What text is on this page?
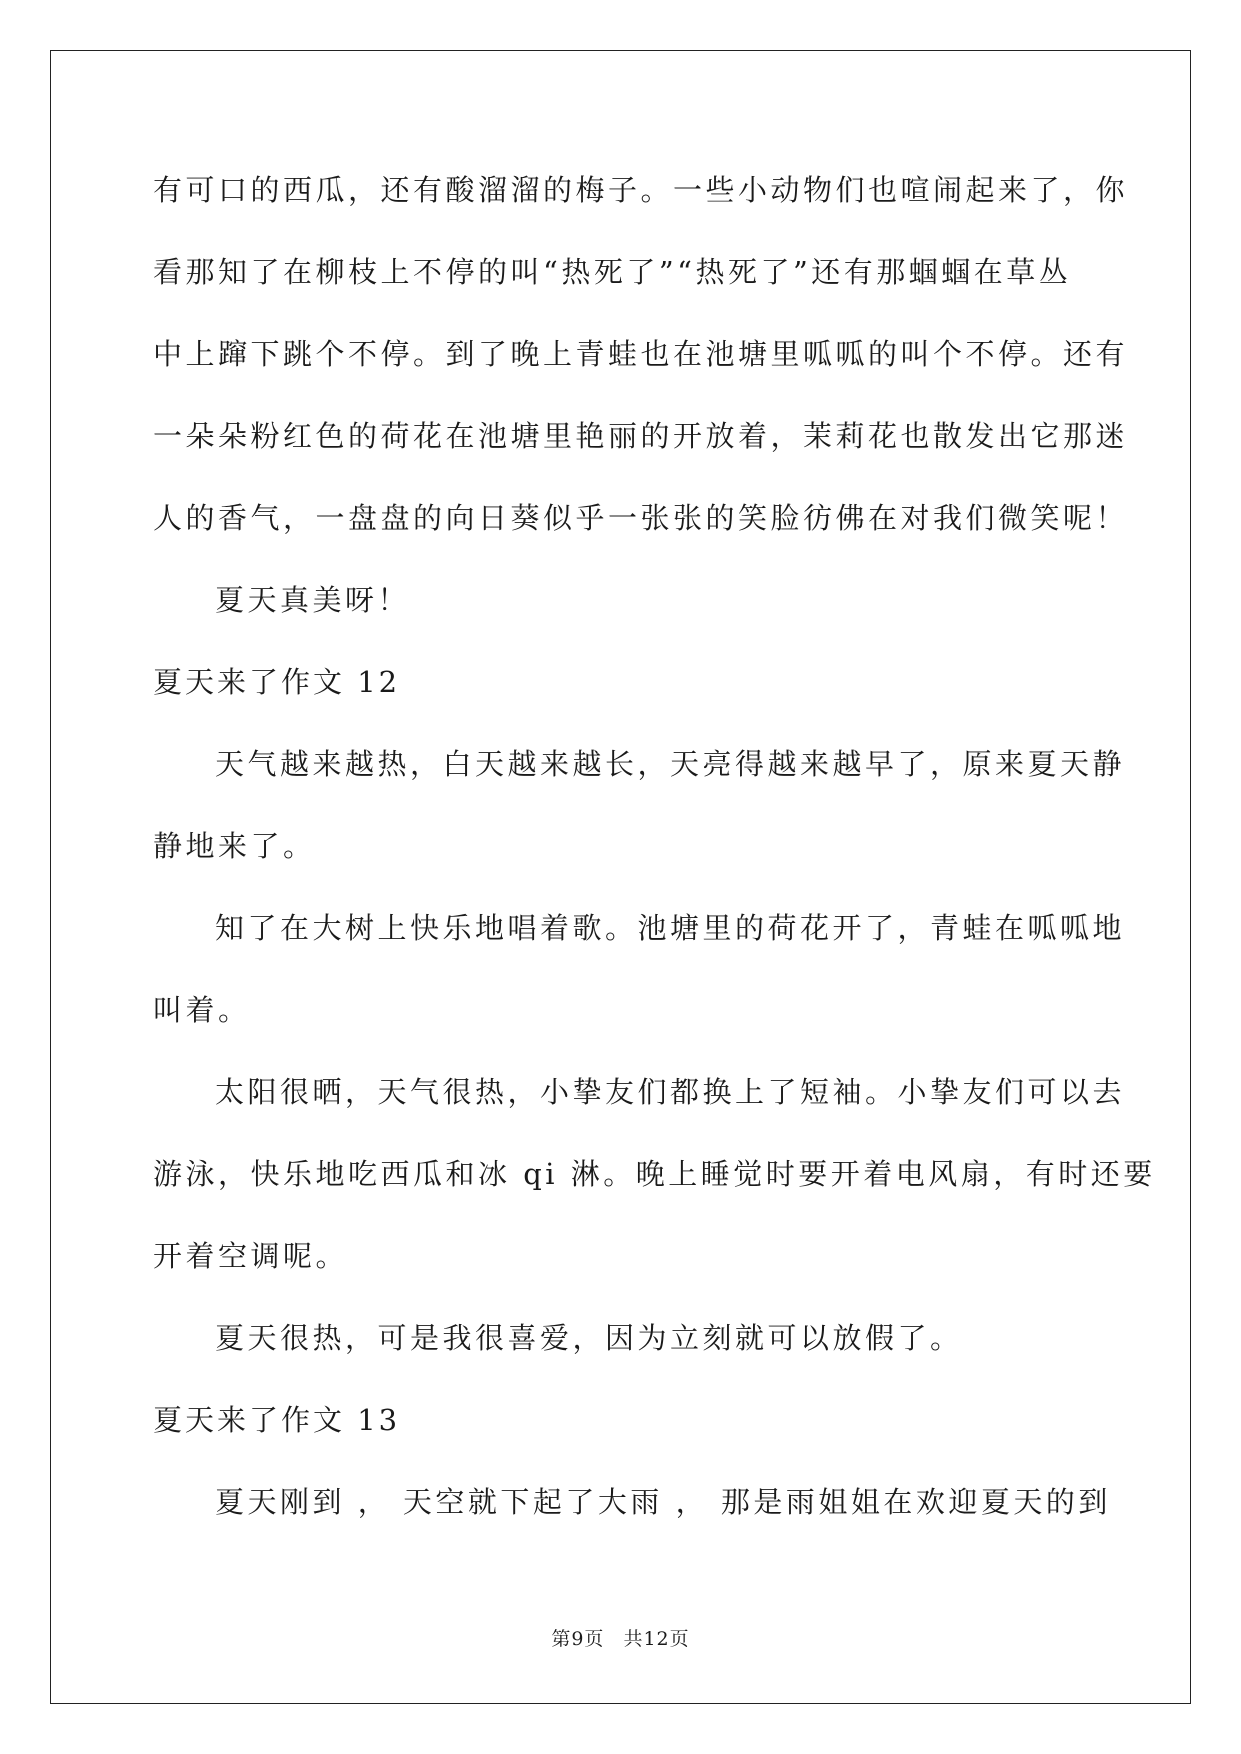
有可口的西瓜，还有酸溜溜的梅子。一些小动物们也喧闹起来了，你
看那知了在柳枝上不停的叫“热死了”“热死了”还有那蝈蝈在草丛
中上蹿下跳个不停。到了晚上青蛙也在池塘里呱呱的叫个不停。还有
一朵朵粉红色的荷花在池塘里艳丽的开放着，茉莉花也散发出它那迷
人的香气，一盘盘的向日葵似乎一张张的笑脸彷佛在对我们微笑呢！
夏天真美呀！
夏天来了作文 12
天气越来越热，白天越来越长，天亮得越来越早了，原来夏天静
静地来了。
知了在大树上快乐地唱着歌。池塘里的荷花开了，青蛙在呱呱地
叫着。
太阳很晒，天气很热，小挚友们都换上了短袖。小挚友们可以去
游泳，快乐地吃西瓜和冰 qi 淋。晚上睡觉时要开着电风扇，有时还要
开着空调呢。
夏天很热，可是我很喜爱，因为立刻就可以放假了。
夏天来了作文 13
夏天刚到 ， 天空就下起了大雨 ， 那是雨姐姐在欢迎夏天的到
第9页 共12页
